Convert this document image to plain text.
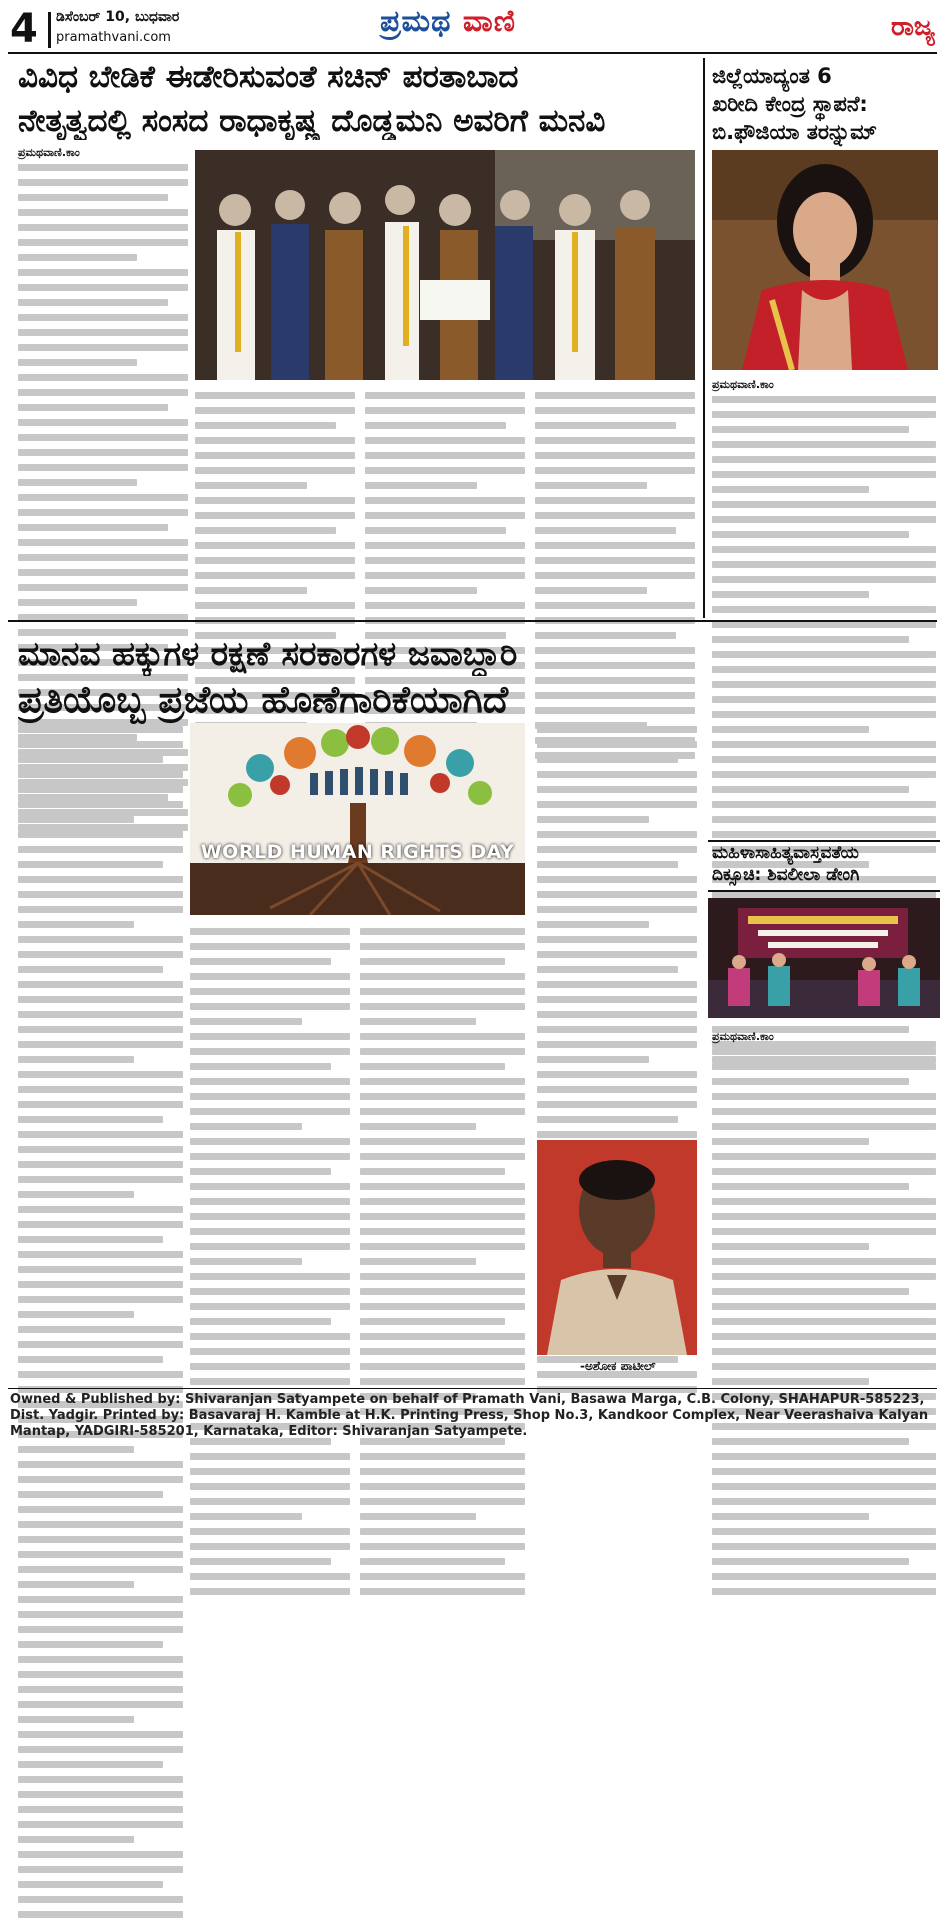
4 ಡಿಸೆಂಬರ್ 10, ಬುಧವಾರ
pramathvani.com	ಪ್ರಮಥ ವಾಣಿ	ರಾಜ್ಯ
ವಿವಿಧ ಬೇಡಿಕೆ ಈಡೇರಿಸುವಂತೆ ಸಚಿನ್ ಪರತಾಬಾದ
ನೇತೃತ್ವದಲ್ಲಿ ಸಂಸದ ರಾಧಾಕೃಷ್ಣ ದೊಡ್ಡಮನಿ ಅವರಿಗೆ ಮನವಿ
ಪ್ರಮಥವಾಣಿ.ಕಾಂ
ಜಿಲ್ಲೆಯಾದ್ಯಂತ 6
ಖರೀದಿ ಕೇಂದ್ರ ಸ್ಥಾಪನೆ:
ಬಿ.ಫೌಜಿಯಾ ತರನ್ನುಮ್
ಪ್ರಮಥವಾಣಿ.ಕಾಂ
ಮಾನವ ಹಕ್ಕುಗಳ ರಕ್ಷಣೆ ಸರಕಾರಗಳ ಜವಾಬ್ದಾರಿ
ಪ್ರತಿಯೊಬ್ಬ ಪ್ರಜೆಯ ಹೊಣೆಗಾರಿಕೆಯಾಗಿದೆ
WORLD HUMAN RIGHTS DAY
-ಅಶೋಕ ಪಾಟೀಲ್
ಮಹಿಳಾಸಾಹಿತ್ಯವಾಸ್ತವತೆಯ
ದಿಕ್ಸೂಚಿ: ಶಿವಲೀಲಾ ಡೇಂಗಿ
ಪ್ರಮಥವಾಣಿ.ಕಾಂ
Owned & Published by: Shivaranjan Satyampete on behalf of Pramath Vani, Basawa Marga, C.B. Colony, SHAHAPUR-585223, Dist. Yadgir. Printed by: Basavaraj H. Kamble at H.K. Printing Press, Shop No.3, Kandkoor Complex, Near Veerashaiva Kalyan Mantap, YADGIRI-585201, Karnataka, Editor: Shivaranjan Satyampete.
